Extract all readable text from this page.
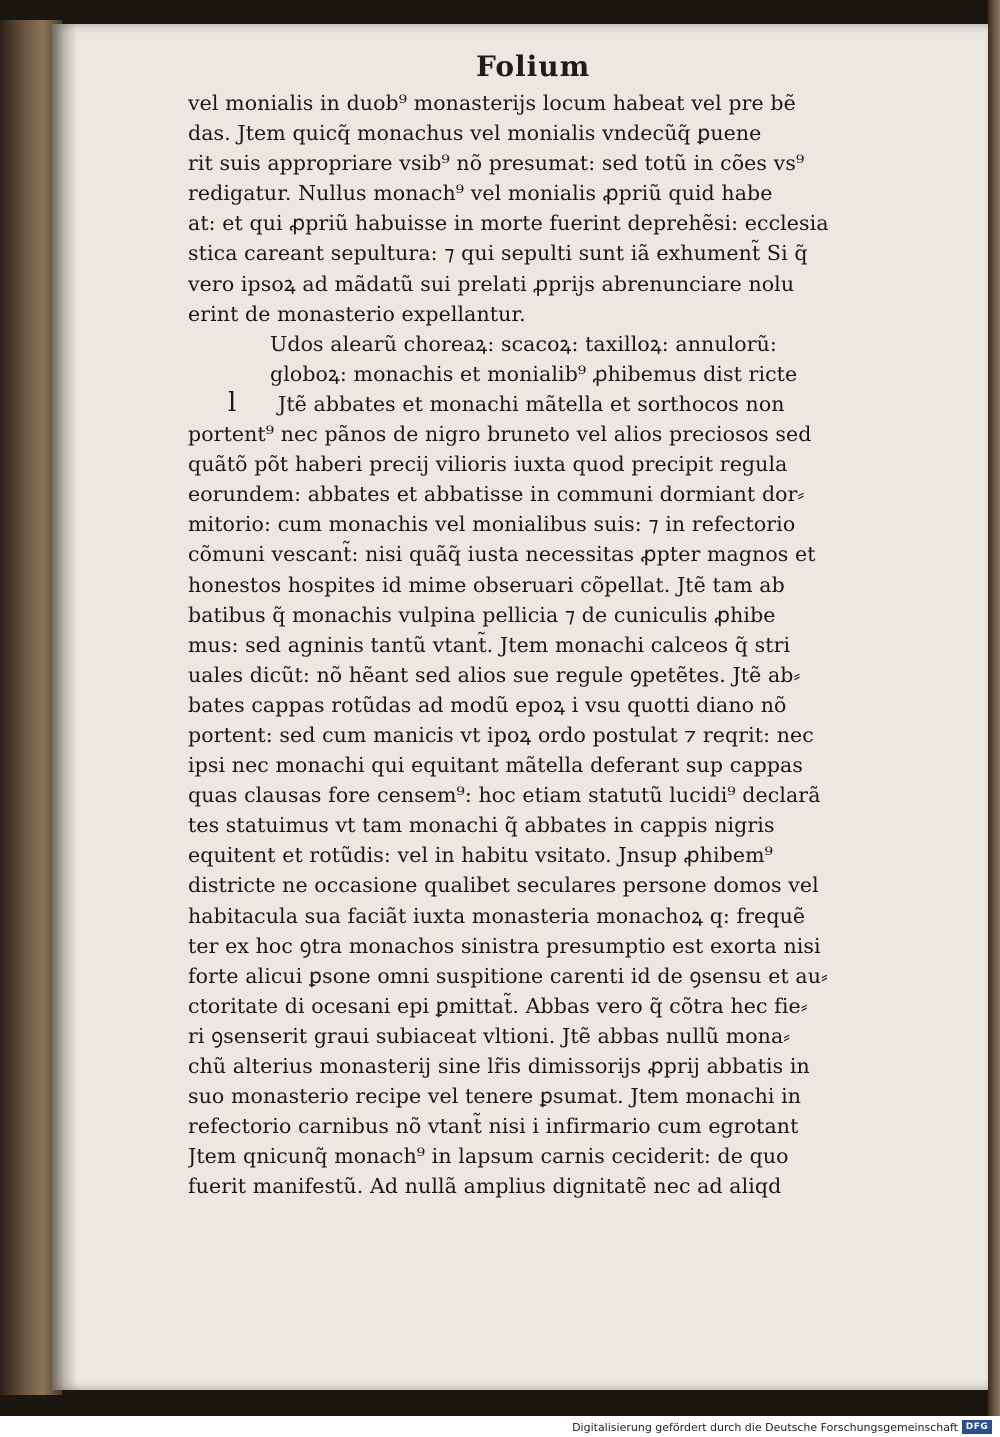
Folium
l
vel monialis in duob⁹ monasterijs locum habeat vel pre bẽ
das. Jtem quicq̃ monachus vel monialis vndecũq̃ ꝑuene
rit suis appropriare vsib⁹ nõ presumat: sed totũ in cões vs⁹
redigatur. Nullus monach⁹ vel monialis ꝓpriũ quid habe
at: et qui ꝓpriũ habuisse in morte fuerint deprehẽsi: ecclesia
stica careant sepultura: ⁊ qui sepulti sunt iã exhument̃ Si q̃
vero ipsoꝝ ad mãdatũ sui prelati ꝓprijs abrenunciare nolu
erint de monasterio expellantur.
Udos alearũ choreaꝝ: scacoꝝ: taxilloꝝ: annulorũ:
globoꝝ: monachis et monialib⁹ ꝓhibemus dist ricte
Jtẽ abbates et monachi mãtella et sorthocos non
portent⁹ nec pãnos de nigro bruneto vel alios preciosos sed
quãtõ põt haberi precij vilioris iuxta quod precipit regula
eorundem: abbates et abbatisse in communi dormiant dor⸗
mitorio: cum monachis vel monialibus suis: ⁊ in refectorio
cõmuni vescant̃: nisi quãq̃ iusta necessitas ꝓpter magnos et
honestos hospites id mime obseruari cõpellat. Jtẽ tam ab
batibus q̃ monachis vulpina pellicia ⁊ de cuniculis ꝓhibe
mus: sed agninis tantũ vtant̃. Jtem monachi calceos q̃ stri
uales dicũt: nõ hẽant sed alios sue regule ꝯpetẽtes. Jtẽ ab⸗
bates cappas rotũdas ad modũ epoꝝ i vsu quotti diano nõ
portent: sed cum manicis vt ipoꝝ ordo postulat ⁊ reqrit: nec
ipsi nec monachi qui equitant mãtella deferant sup cappas
quas clausas fore censem⁹: hoc etiam statutũ lucidi⁹ declarã
tes statuimus vt tam monachi q̃ abbates in cappis nigris
equitent et rotũdis: vel in habitu vsitato. Jnsup ꝓhibem⁹
districte ne occasione qualibet seculares persone domos vel
habitacula sua faciãt iuxta monasteria monachoꝝ q: frequẽ
ter ex hoc ꝯtra monachos sinistra presumptio est exorta nisi
forte alicui ꝑsone omni suspitione carenti id de ꝯsensu et au⸗
ctoritate di ocesani epi ꝑmittat̃. Abbas vero q̃ cõtra hec fie⸗
ri ꝯsenserit graui subiaceat vltioni. Jtẽ abbas nullũ mona⸗
chũ alterius monasterij sine lr̃is dimissorijs ꝓprij abbatis in
suo monasterio recipe vel tenere ꝑsumat. Jtem monachi in
refectorio carnibus nõ vtant̃ nisi i infirmario cum egrotant
Jtem qnicunq̃ monach⁹ in lapsum carnis ceciderit: de quo
fuerit manifestũ. Ad nullã amplius dignitatẽ nec ad aliqd
Digitalisierung gefördert durch die Deutsche Forschungsgemeinschaft DFG
